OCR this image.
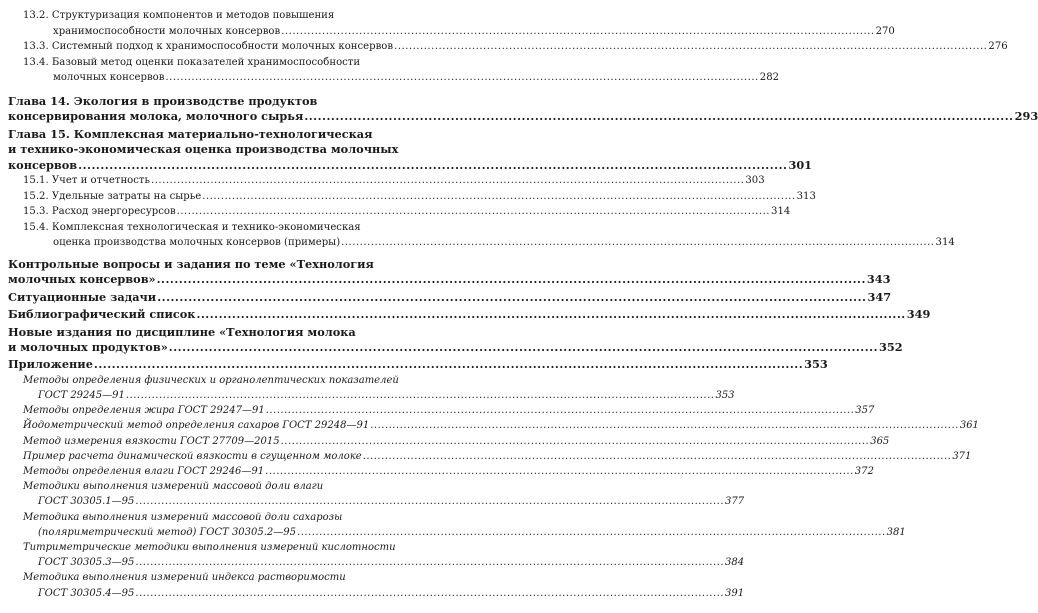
13.2. Структуризация компонентов и методов повышения
хранимоспособности молочных консервов .....	270
13.3. Системный подход к хранимоспособности молочных консервов .....	276
13.4. Базовый метод оценки показателей хранимоспособности
молочных консервов .....	282
Глава 14. Экология в производстве продуктов
консервирования молока, молочного сырья .....	293
Глава 15. Комплексная материально-технологическая
и технико-экономическая оценка производства молочных
консервов .....	301
15.1. Учет и отчетность .....	303
15.2. Удельные затраты на сырье .....	313
15.3. Расход энергоресурсов .....	314
15.4. Комплексная технологическая и технико-экономическая
оценка производства молочных консервов (примеры) .....	314
Контрольные вопросы и задания по теме «Технология
молочных консервов» .....	343
Ситуационные задачи .....	347
Библиографический список .....	349
Новые издания по дисциплине «Технология молока
и молочных продуктов» .....	352
Приложение .....	353
Методы определения физических и органолептических показателей
ГОСТ 29245—91 .....	353
Методы определения жира ГОСТ 29247—91 .....	357
Йодометрический метод определения сахаров ГОСТ 29248—91 .....	361
Метод измерения вязкости ГОСТ 27709—2015 .....	365
Пример расчета динамической вязкости в сгущенном молоке .....	371
Методы определения влаги ГОСТ 29246—91 .....	372
Методики выполнения измерений массовой доли влаги
ГОСТ 30305.1—95 .....	377
Методика выполнения измерений массовой доли сахарозы
(поляриметрический метод) ГОСТ 30305.2—95 .....	381
Титриметрические методики выполнения измерений кислотности
ГОСТ 30305.3—95 .....	384
Методика выполнения измерений индекса растворимости
ГОСТ 30305.4—95 .....	391
